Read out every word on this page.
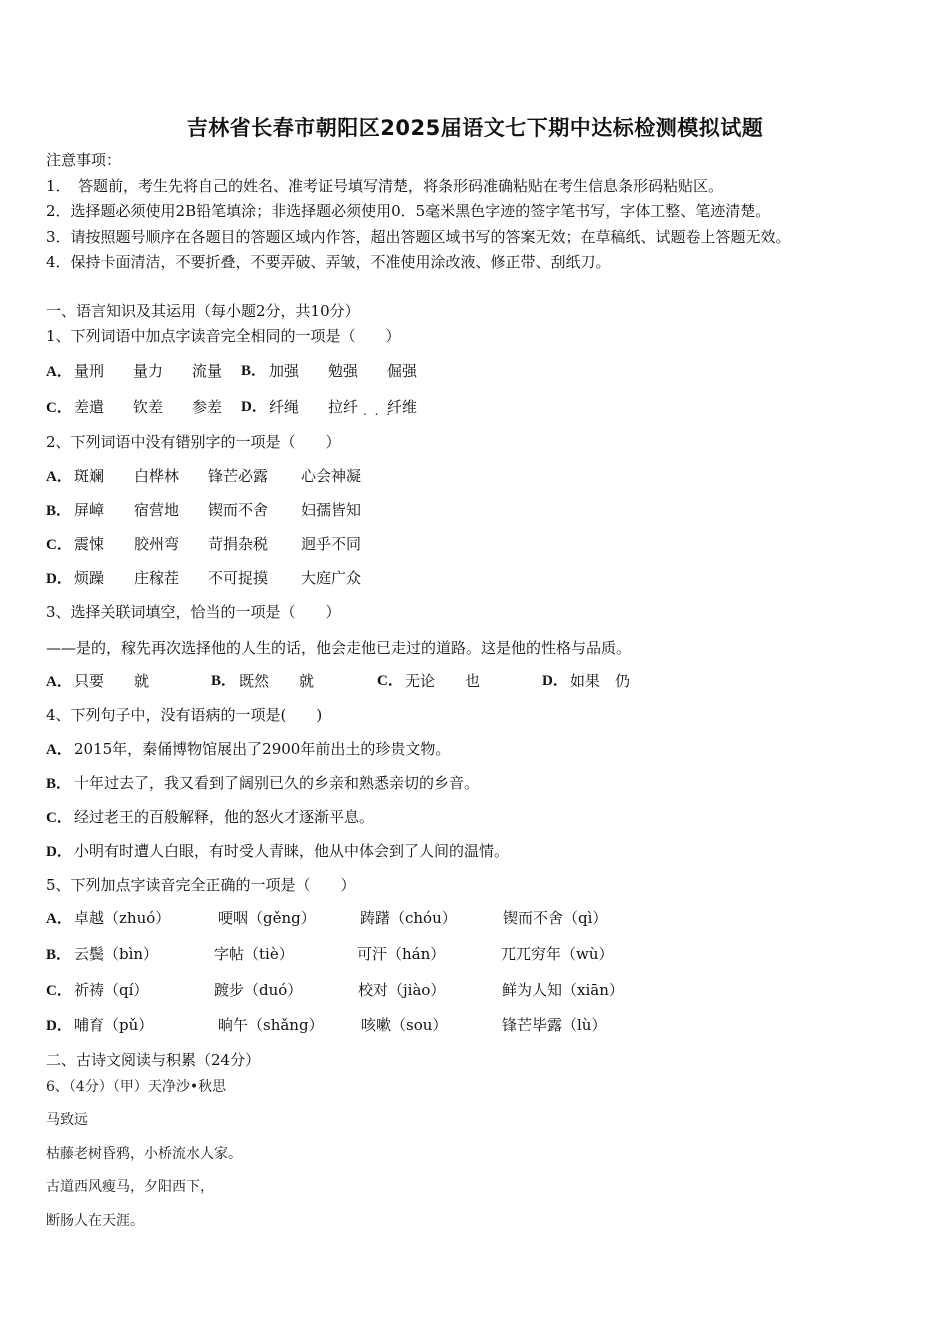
吉林省长春市朝阳区2025届语文七下期中达标检测模拟试题
注意事项：
1．　答题前，考生先将自己的姓名、准考证号填写清楚，将条形码准确粘贴在考生信息条形码粘贴区。
2．选择题必须使用2B铅笔填涂；非选择题必须使用0．5毫米黑色字迹的签字笔书写，字体工整、笔迹清楚。
3．请按照题号顺序在各题目的答题区域内作答，超出答题区域书写的答案无效；在草稿纸、试题卷上答题无效。
4．保持卡面清洁，不要折叠，不要弄破、弄皱，不准使用涂改液、修正带、刮纸刀。
一、语言知识及其运用（每小题2分，共10分）
1、下列词语中加点字读音完全相同的一项是（　　）
A． 量刑 量力 流量 B． 加强 勉强 倔强
C． 差遣 钦差 参差 D． 纤绳 拉纤 纤维
. . .
2、下列词语中没有错别字的一项是（　　）
A． 斑斓 白桦林 锋芒必露 心会神凝
B． 屏嶂 宿营地 锲而不舍 妇孺皆知
C． 震悚 胶州弯 苛捐杂税 迥乎不同
D． 烦躁 庄稼茬 不可捉摸 大庭广众
3、选择关联词填空，恰当的一项是（　　）
——是的，稼先再次选择他的人生的话，他会走他已走过的道路。这是他的性格与品质。
A． 只要　　就	B． 既然　　就	C． 无论　　也	D． 如果　仍
4、下列句子中，没有语病的一项是(　　)
A． 2015年，秦俑博物馆展出了2900年前出土的珍贵文物。
B． 十年过去了，我又看到了阔别已久的乡亲和熟悉亲切的乡音。
C． 经过老王的百般解释，他的怒火才逐渐平息。
D． 小明有时遭人白眼，有时受人青睐，他从中体会到了人间的温情。
5、下列加点字读音完全正确的一项是（　　）
A． 卓越（zhuó）	哽咽（gěng）	踌躇（chóu）	锲而不舍（qì）
B． 云鬓（bìn）	字帖（tiè）	可汗（hán）	兀兀穷年（wù）
C． 祈祷（qí）	踱步（duó）	校对（jiào）	鲜为人知（xiān）
D． 哺育（pǔ）	晌午（shǎng） 咳嗽（sou）	锋芒毕露（lù）
二、古诗文阅读与积累（24分）
6、（4分）（甲）天净沙•秋思
马致远
枯藤老树昏鸦，小桥流水人家。
古道西风瘦马，夕阳西下，
断肠人在天涯。
